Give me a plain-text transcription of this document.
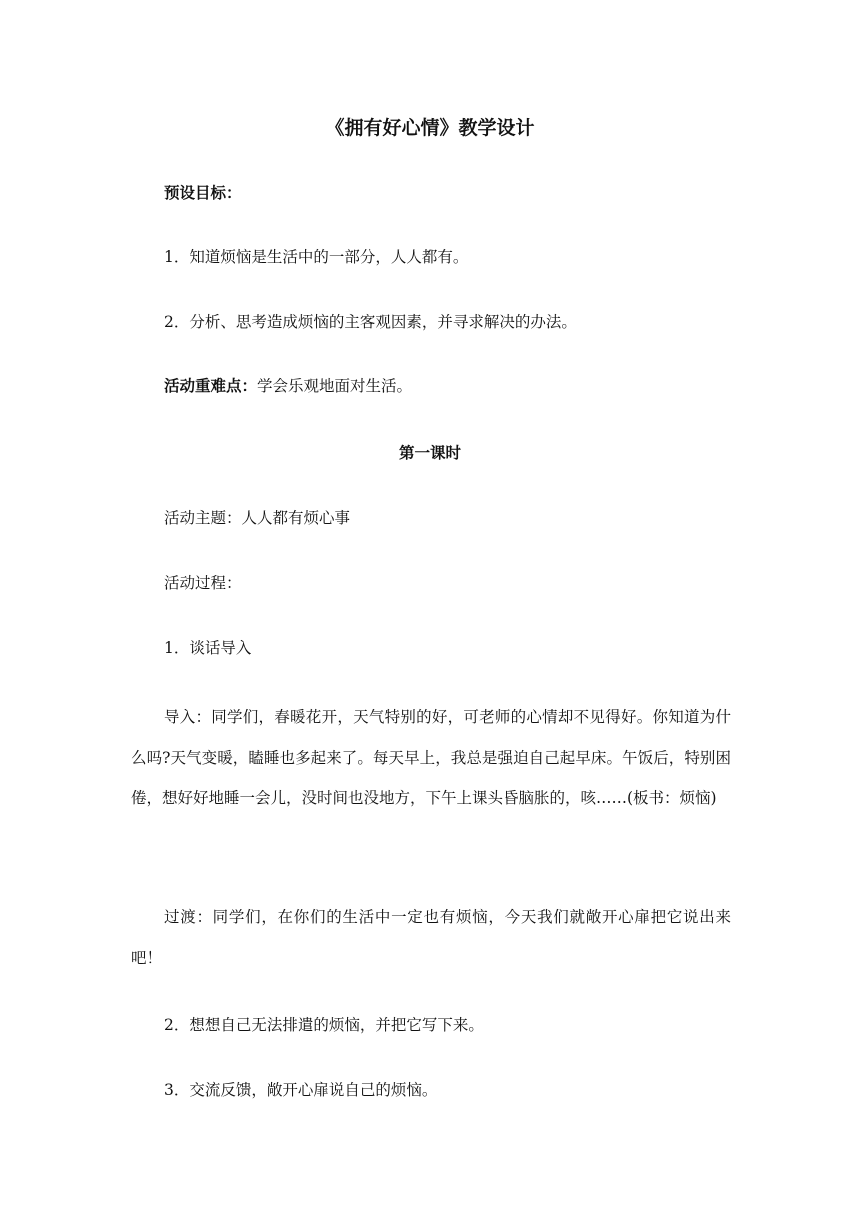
《拥有好心情》教学设计
预设目标：
1．知道烦恼是生活中的一部分，人人都有。
2．分析、思考造成烦恼的主客观因素，并寻求解决的办法。
活动重难点：学会乐观地面对生活。
第一课时
活动主题：人人都有烦心事
活动过程：
1．谈话导入
导入：同学们，春暖花开，天气特别的好，可老师的心情却不见得好。你知道为什么吗?天气变暖，瞌睡也多起来了。每天早上，我总是强迫自己起早床。午饭后，特别困倦，想好好地睡一会儿，没时间也没地方，下午上课头昏脑胀的，咳……(板书：烦恼)
过渡：同学们，在你们的生活中一定也有烦恼，今天我们就敞开心扉把它说出来吧！
2．想想自己无法排遣的烦恼，并把它写下来。
3．交流反馈，敞开心扉说自己的烦恼。
